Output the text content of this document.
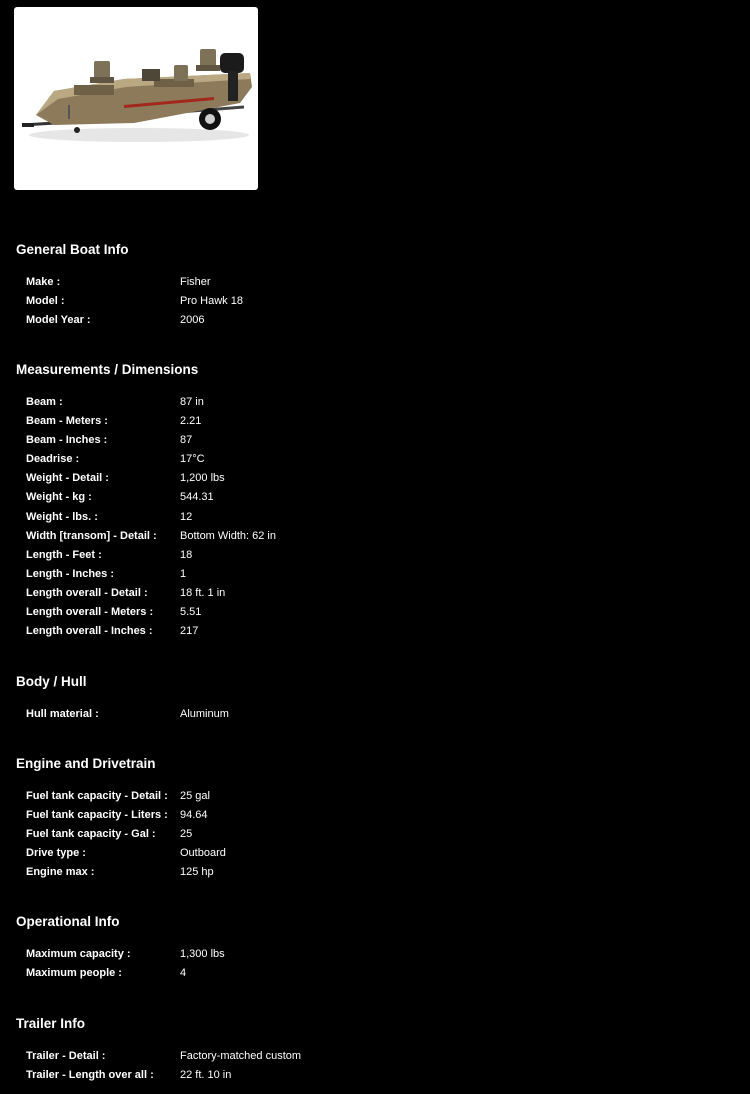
General Boat Info
Make :	Fisher
Model :	Pro Hawk 18
Model Year :	2006
Measurements / Dimensions
Beam :	87 in
Beam - Meters :	2.21
Beam - Inches :	87
Deadrise :	17°C
Weight - Detail :	1,200 lbs
Weight - kg :	544.31
Weight - lbs. :	12
Width [transom] - Detail :	Bottom Width: 62 in
Length - Feet :	18
Length - Inches :	1
Length overall - Detail :	18 ft. 1 in
Length overall - Meters :	5.51
Length overall - Inches :	217
Body / Hull
Hull material :	Aluminum
Engine and Drivetrain
Fuel tank capacity - Detail :	25 gal
Fuel tank capacity - Liters :	94.64
Fuel tank capacity - Gal :	25
Drive type :	Outboard
Engine max :	125 hp
Operational Info
Maximum capacity :	1,300 lbs
Maximum people :	4
Trailer Info
Trailer - Detail :	Factory-matched custom
Trailer - Length over all :	22 ft. 10 in
